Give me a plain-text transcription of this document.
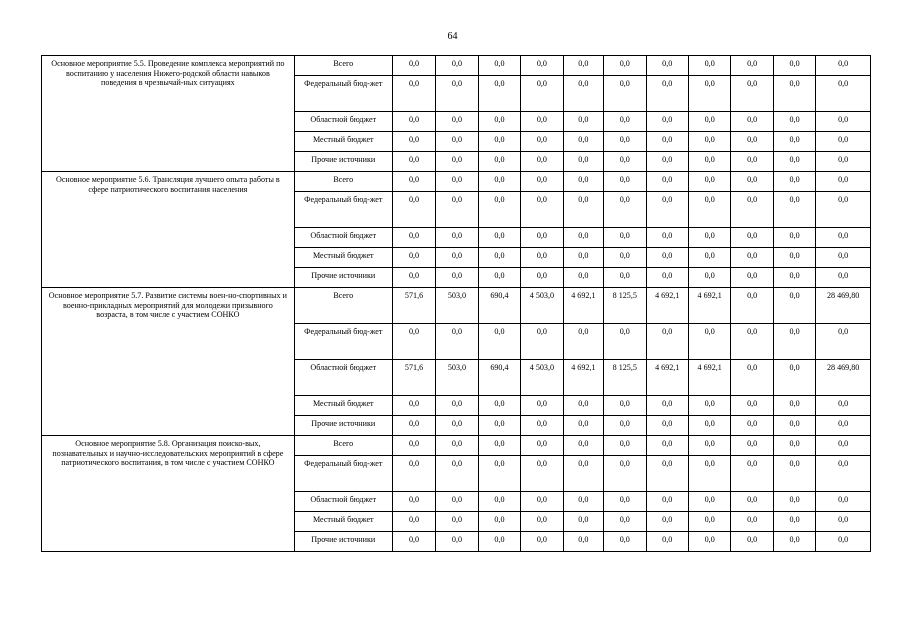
64
Основное мероприятие 5.5. Проведение комплекса мероприятий по воспитанию у населения Нижего-родской области навыков поведения в чрезвычай-ных ситуациях	Всего	0,0	0,0	0,0	0,0	0,0	0,0	0,0	0,0	0,0	0,0	0,0
	Федеральный бюд-жет	0,0	0,0	0,0	0,0	0,0	0,0	0,0	0,0	0,0	0,0	0,0
	Областной бюджет	0,0	0,0	0,0	0,0	0,0	0,0	0,0	0,0	0,0	0,0	0,0
	Местный бюджет	0,0	0,0	0,0	0,0	0,0	0,0	0,0	0,0	0,0	0,0	0,0
	Прочие источники	0,0	0,0	0,0	0,0	0,0	0,0	0,0	0,0	0,0	0,0	0,0
Основное мероприятие 5.6. Трансляция лучшего опыта работы в сфере патриотического воспитания населения	Всего	0,0	0,0	0,0	0,0	0,0	0,0	0,0	0,0	0,0	0,0	0,0
	Федеральный бюд-жет	0,0	0,0	0,0	0,0	0,0	0,0	0,0	0,0	0,0	0,0	0,0
	Областной бюджет	0,0	0,0	0,0	0,0	0,0	0,0	0,0	0,0	0,0	0,0	0,0
	Местный бюджет	0,0	0,0	0,0	0,0	0,0	0,0	0,0	0,0	0,0	0,0	0,0
	Прочие источники	0,0	0,0	0,0	0,0	0,0	0,0	0,0	0,0	0,0	0,0	0,0
Основное мероприятие 5.7. Развитие системы воен-но-спортивных и военно-прикладных мероприятий для молодежи призывного возраста, в том числе с участием СОНКО	Всего	571,6	503,0	690,4	4 503,0	4 692,1	8 125,5	4 692,1	4 692,1	0,0	0,0	28 469,80
	Федеральный бюд-жет	0,0	0,0	0,0	0,0	0,0	0,0	0,0	0,0	0,0	0,0	0,0
	Областной бюджет	571,6	503,0	690,4	4 503,0	4 692,1	8 125,5	4 692,1	4 692,1	0,0	0,0	28 469,80
	Местный бюджет	0,0	0,0	0,0	0,0	0,0	0,0	0,0	0,0	0,0	0,0	0,0
	Прочие источники	0,0	0,0	0,0	0,0	0,0	0,0	0,0	0,0	0,0	0,0	0,0
Основное мероприятие 5.8. Организация поиско-вых, познавательных и научно-исследовательских мероприятий в сфере патриотического воспитания, в том числе с участием СОНКО	Всего	0,0	0,0	0,0	0,0	0,0	0,0	0,0	0,0	0,0	0,0	0,0
	Федеральный бюд-жет	0,0	0,0	0,0	0,0	0,0	0,0	0,0	0,0	0,0	0,0	0,0
	Областной бюджет	0,0	0,0	0,0	0,0	0,0	0,0	0,0	0,0	0,0	0,0	0,0
	Местный бюджет	0,0	0,0	0,0	0,0	0,0	0,0	0,0	0,0	0,0	0,0	0,0
	Прочие источники	0,0	0,0	0,0	0,0	0,0	0,0	0,0	0,0	0,0	0,0	0,0
